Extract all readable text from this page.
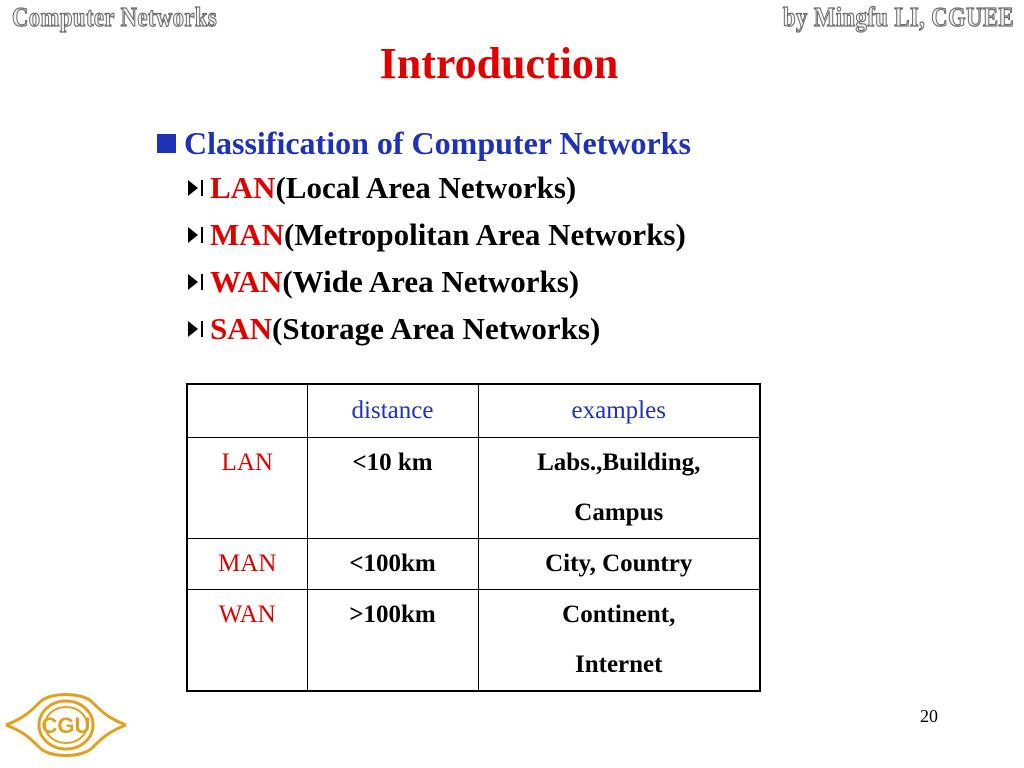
Computer Networks	by Mingfu LI, CGUEE
Introduction
Classification of Computer Networks
LAN (Local Area Networks)
MAN (Metropolitan Area Networks)
WAN (Wide Area Networks)
SAN (Storage Area Networks)
	distance	examples
LAN	<10 km	Labs.,Building,
Campus

MAN	<100km	City, Country

WAN	>100km	Continent,
Internet
CGU	20
